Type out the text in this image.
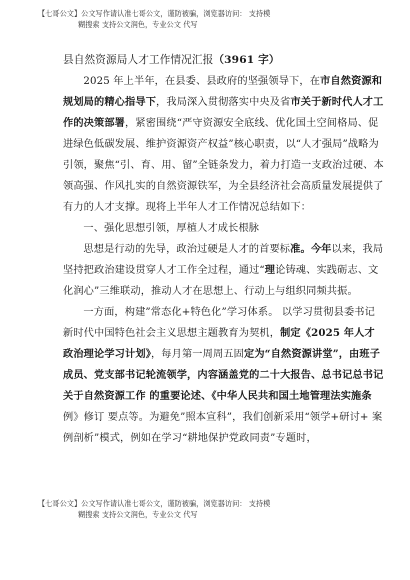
【七哥公文】公文写作请认准七哥公文，谨防被骗，浏览器访问： 支持模
糊搜索 支持公文润色，专业公文 代写

县自然资源局人才工作情况汇报（3961 字）

2025 年上半年，在县委、县政府的坚强领导下，在市自然资源和规划局的精心指导下，我局深入贯彻落实中央及省市关于新时代人才工作的决策部署，紧密围绕“严守资源安全底线、优化国土空间格局、促进绿色低碳发展、维护资源资产权益”核心职责，以“人才强局”战略为引领，聚焦“引、育、用、留”全链条发力，着力打造一支政治过硬、本领高强、作风扎实的自然资源铁军，为全县经济社会高质量发展提供了有力的人才支撑。现将上半年人才工作情况总结如下：

一、强化思想引领，厚植人才成长根脉

思想是行动的先导，政治过硬是人才的首要标准。今年以来，我局坚持把政治建设贯穿人才工作全过程，通过“理论铸魂、实践砺志、文化润心”三维联动，推动人才在思想上、行动上与组织同频共振。

一方面，构建”常态化+特色化”学习体系。 以学习贯彻县委书记新时代中国特色社会主义思想主题教育为契机，制定《2025 年人才政治理论学习计划》，每月第一周周五固定为“自然资源讲堂”，由班子成员、党支部书记轮流领学，内容涵盖党的二十大报告、总书记总书记关于自然资源工作 的重要论述、《中华人民共和国土地管理法实施条例》修订 要点等。为避免”照本宣科”，我们创新采用“领学+研讨+ 案例剖析”模式，例如在学习“耕地保护党政同责”专题时，

【七哥公文】公文写作请认准七哥公文，谨防被骗，浏览器访问： 支持模
糊搜索 支持公文润色，专业公文 代写
